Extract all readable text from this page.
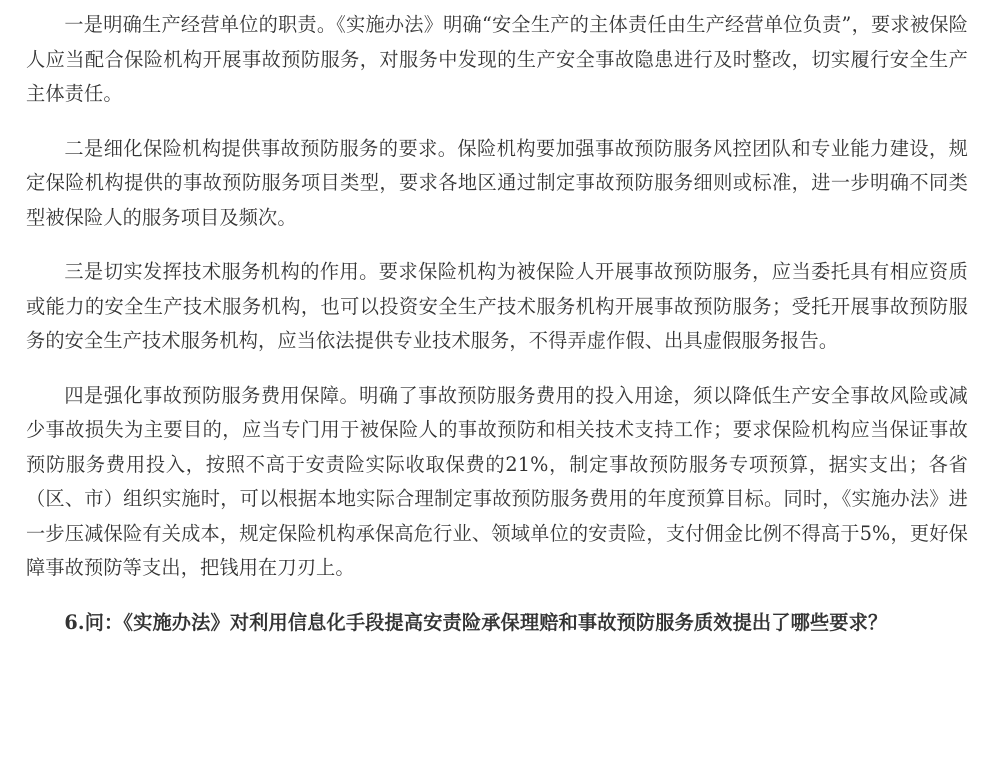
一是明确生产经营单位的职责。《实施办法》明确“安全生产的主体责任由生产经营单位负责”，要求被保险人应当配合保险机构开展事故预防服务，对服务中发现的生产安全事故隐患进行及时整改，切实履行安全生产主体责任。

二是细化保险机构提供事故预防服务的要求。保险机构要加强事故预防服务风控团队和专业能力建设，规定保险机构提供的事故预防服务项目类型，要求各地区通过制定事故预防服务细则或标准，进一步明确不同类型被保险人的服务项目及频次。

三是切实发挥技术服务机构的作用。要求保险机构为被保险人开展事故预防服务，应当委托具有相应资质或能力的安全生产技术服务机构，也可以投资安全生产技术服务机构开展事故预防服务；受托开展事故预防服务的安全生产技术服务机构，应当依法提供专业技术服务，不得弄虚作假、出具虚假服务报告。

四是强化事故预防服务费用保障。明确了事故预防服务费用的投入用途，须以降低生产安全事故风险或减少事故损失为主要目的，应当专门用于被保险人的事故预防和相关技术支持工作；要求保险机构应当保证事故预防服务费用投入，按照不高于安责险实际收取保费的21%，制定事故预防服务专项预算，据实支出；各省（区、市）组织实施时，可以根据本地实际合理制定事故预防服务费用的年度预算目标。同时，《实施办法》进一步压减保险有关成本，规定保险机构承保高危行业、领域单位的安责险，支付佣金比例不得高于5%，更好保障事故预防等支出，把钱用在刀刃上。

6.问：《实施办法》对利用信息化手段提高安责险承保理赔和事故预防服务质效提出了哪些要求？
